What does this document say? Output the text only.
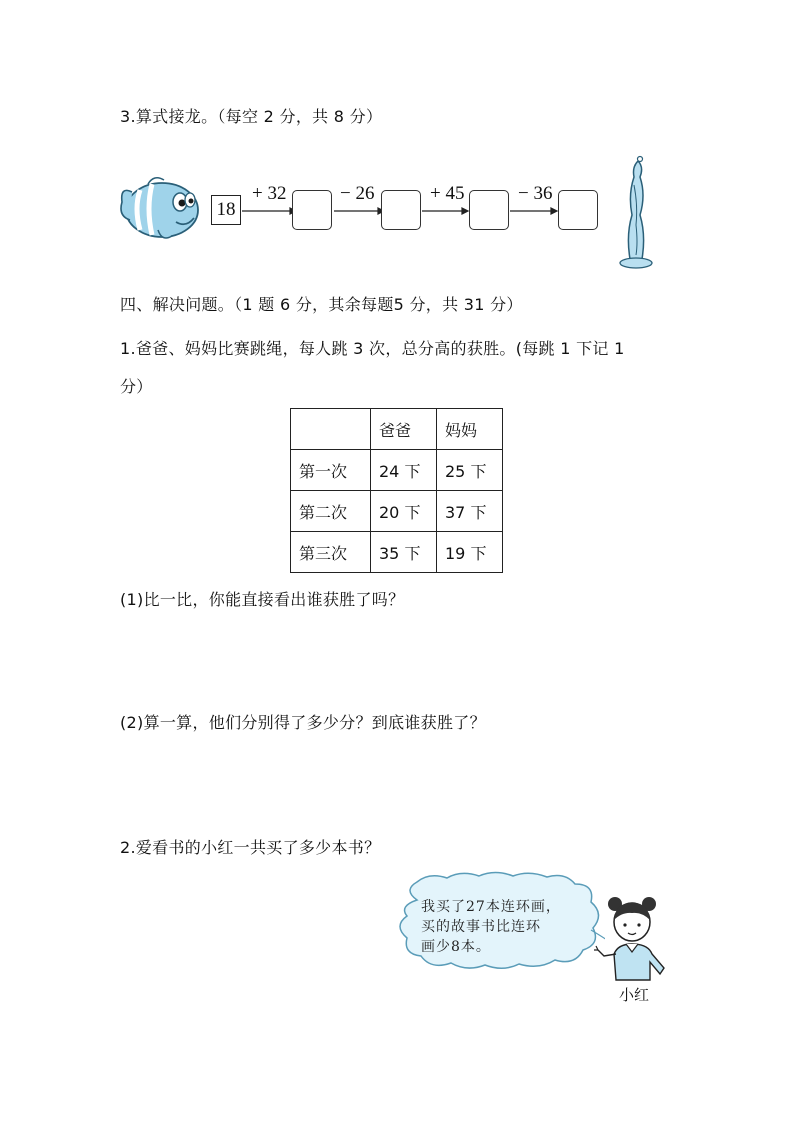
3.算式接龙。（每空 2 分，共 8 分）
18
+ 32	− 26	+ 45	− 36
四、解决问题。（1 题 6 分，其余每题5 分，共 31 分）
1.爸爸、妈妈比赛跳绳，每人跳 3 次，总分高的获胜。(每跳 1 下记 1
分）
	爸爸	妈妈
第一次	24 下	25 下
第二次	20 下	37 下
第三次	35 下	19 下
(1)比一比，你能直接看出谁获胜了吗？
(2)算一算，他们分别得了多少分？到底谁获胜了？
2.爱看书的小红一共买了多少本书？
我买了27本连环画，
买的故事书比连环
画少8本。
小红
